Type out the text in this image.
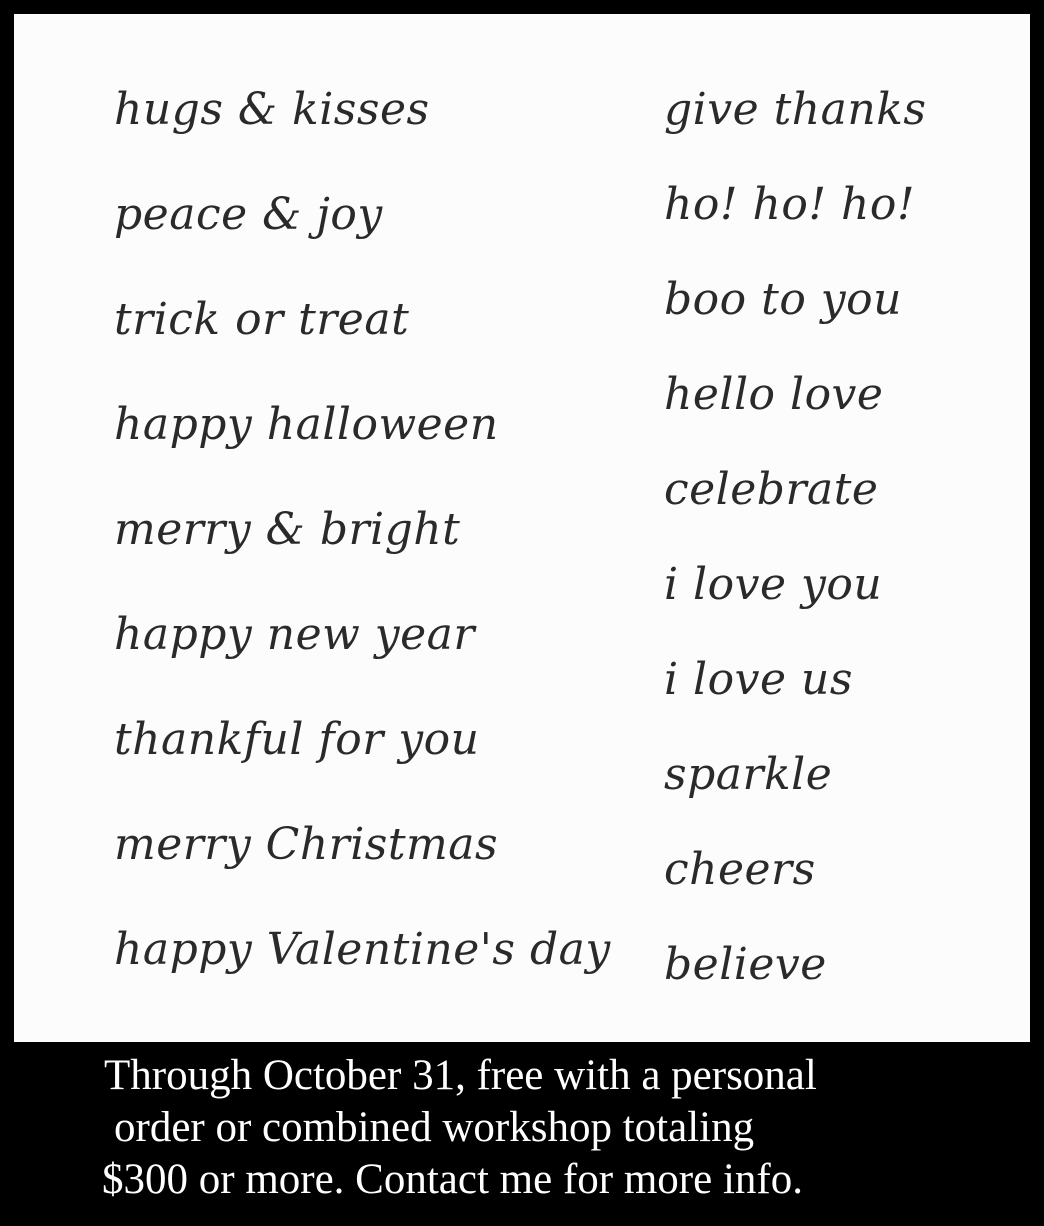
hugs & kisses
peace & joy
trick or treat
happy halloween
merry & bright
happy new year
thankful for you
merry Christmas
happy Valentine's day
give thanks
ho! ho! ho!
boo to you
hello love
celebrate
i love you
i love us
sparkle
cheers
believe
Through October 31, free with a personal
order or combined workshop totaling
$300 or more. Contact me for more info.
